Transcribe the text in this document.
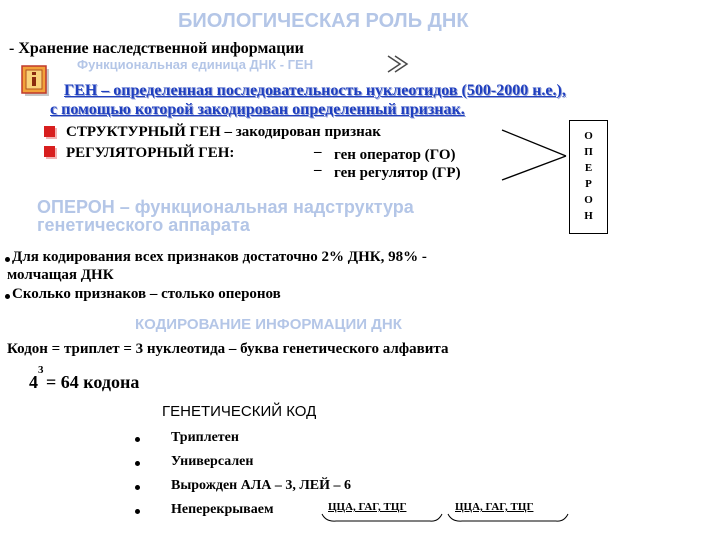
БИОЛОГИЧЕСКАЯ РОЛЬ ДНК
- Хранение наследственной информации
Функциональная единица ДНК - ГЕН
ГЕН – определенная последовательность нуклеотидов (500-2000 н.е.),
с помощью которой закодирован определенный признак.
СТРУКТУРНЫЙ ГЕН – закодирован признак
РЕГУЛЯТОРНЫЙ ГЕН:	– ген оператор (ГО)
– ген регулятор (ГР)
О
П
Е
Р
О
Н
ОПЕРОН – функциональная надструктура
генетического аппарата
Для кодирования всех признаков достаточно 2% ДНК, 98% -
молчащая ДНК
Сколько признаков – столько оперонов
КОДИРОВАНИЕ ИНФОРМАЦИИ ДНК
Кодон = триплет = 3 нуклеотида – буква генетического алфавита
4
3
= 64 кодона
ГЕНЕТИЧЕСКИЙ КОД
Триплетен
Универсален
Вырожден АЛА – 3, ЛЕЙ – 6
Неперекрываем	ЦЦА, ГАГ, ТЦГ	ЦЦА, ГАГ, ТЦГ
